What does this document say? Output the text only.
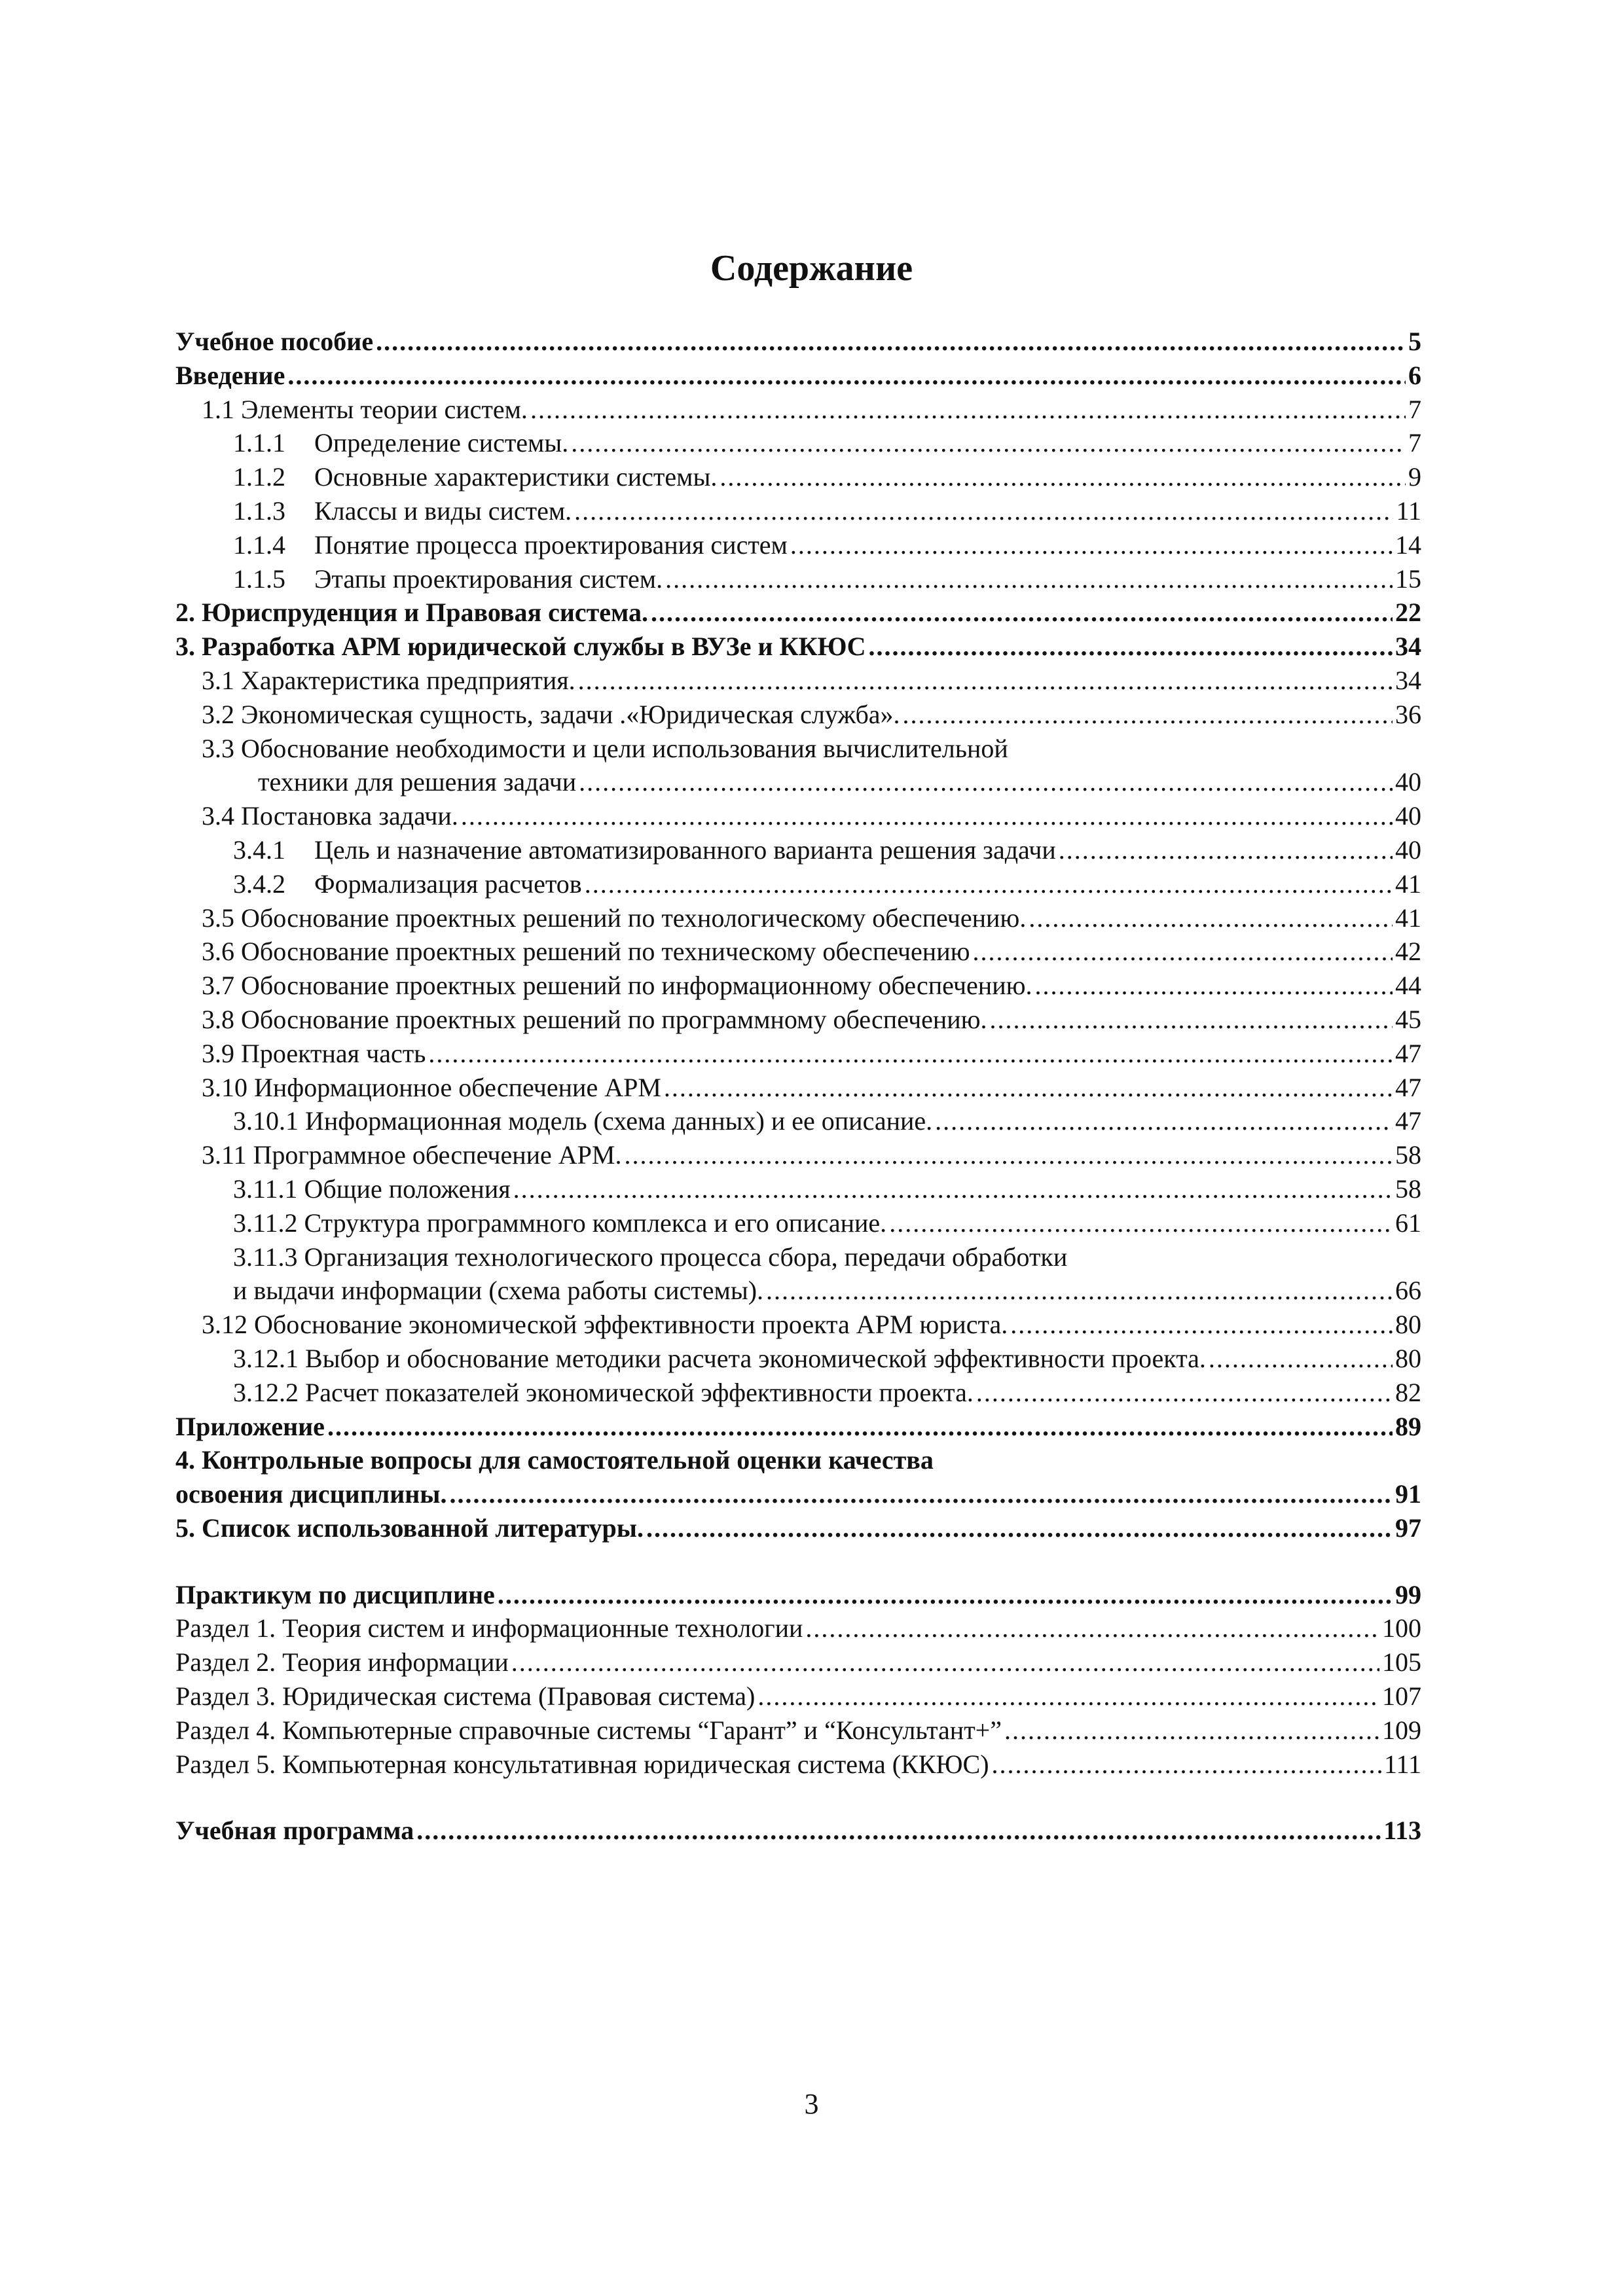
Содержание
Учебное пособие .....	5
Введение .....	6
1.1 Элементы теории систем. .....	7
1.1.1	Определение системы. .....	7
1.1.2	Основные характеристики системы. .....	9
1.1.3	Классы и виды систем. .....	11
1.1.4	Понятие процесса проектирования систем .....	14
1.1.5	Этапы проектирования систем. .....	15
2. Юриспруденция и Правовая система. .....	22
3. Разработка АРМ юридической службы в ВУЗе и ККЮС .....	34
3.1 Характеристика предприятия. .....	34
3.2 Экономическая сущность, задачи .«Юридическая служба». .....	36
3.3 Обоснование необходимости и цели использования вычислительной
техники для решения задачи .....	40
3.4 Постановка задачи. .....	40
3.4.1	Цель и назначение автоматизированного варианта решения задачи .....	40
3.4.2	Формализация расчетов .....	41
3.5 Обоснование проектных решений по технологическому обеспечению. .....	41
3.6 Обоснование проектных решений по техническому обеспечению .....	42
3.7 Обоснование проектных решений по информационному обеспечению. .....	44
3.8 Обоснование проектных решений по программному обеспечению. .....	45
3.9 Проектная часть .....	47
3.10 Информационное обеспечение АРМ .....	47
3.10.1 Информационная модель (схема данных) и ее описание. .....	47
3.11 Программное обеспечение АРМ. .....	58
3.11.1 Общие положения .....	58
3.11.2 Структура программного комплекса и его описание. .....	61
3.11.3 Организация технологического процесса сбора, передачи обработки
и выдачи информации (схема работы системы). .....	66
3.12 Обоснование экономической эффективности проекта АРМ юриста. .....	80
3.12.1 Выбор и обоснование методики расчета экономической эффективности проекта. .....	80
3.12.2 Расчет показателей экономической эффективности проекта. .....	82
Приложение .....	89
4. Контрольные вопросы для самостоятельной оценки качества
освоения дисциплины. .....	91
5. Список использованной литературы. .....	97
Практикум по дисциплине .....	99
Раздел 1. Теория систем и информационные технологии .....	100
Раздел 2. Теория информации .....	105
Раздел 3. Юридическая система (Правовая система) .....	107
Раздел 4. Компьютерные справочные системы “Гарант” и “Консультант+” .....	109
Раздел 5. Компьютерная консультативная юридическая система (ККЮС) .....	111
Учебная программа .....	113
3
